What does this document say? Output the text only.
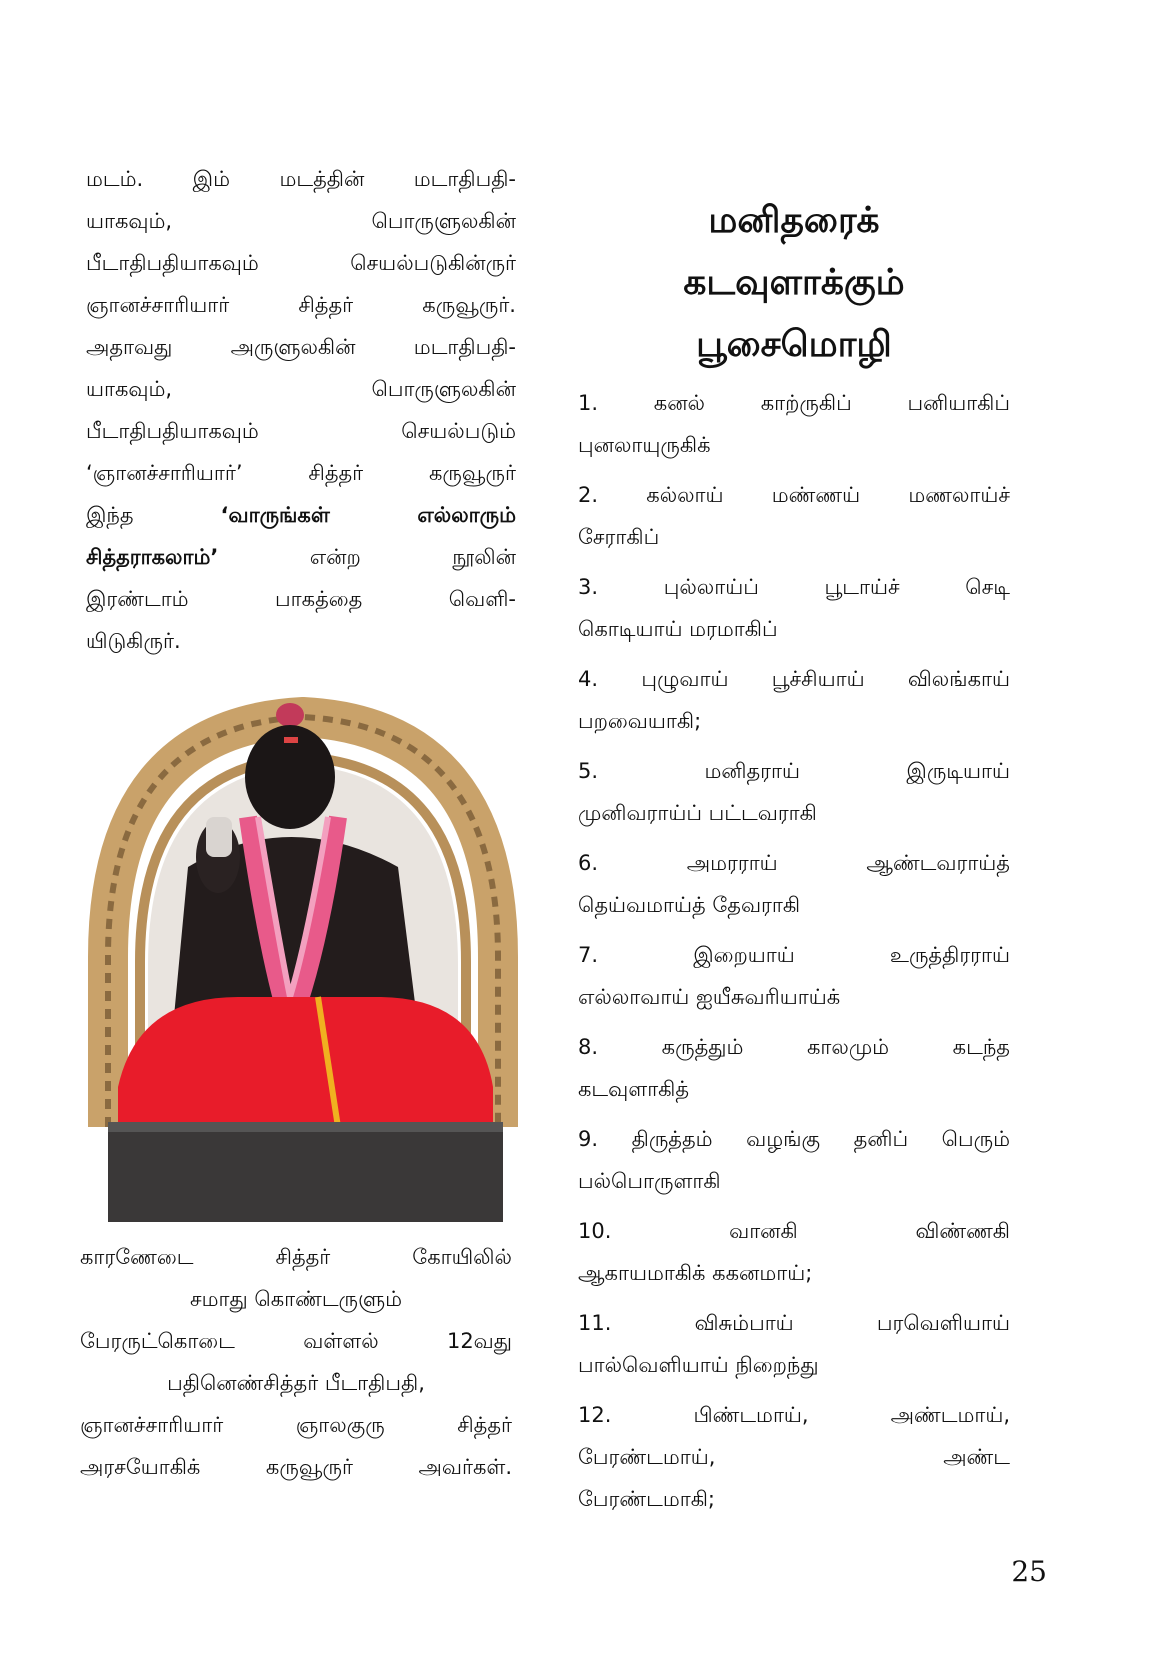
மடம். இம் மடத்தின் மடாதிபதி-

யாகவும், பொருளுலகின்

பீடாதிபதியாகவும் செயல்படுகின்ருர்

ஞானச்சாரியார் சித்தர் கருவூருர்.

அதாவது அருளுலகின் மடாதிபதி-

யாகவும், பொருளுலகின்

பீடாதிபதியாகவும் செயல்படும்

‘ஞானச்சாரியார்’ சித்தர் கருவூருர்

இந்த ‘வாருங்கள் எல்லாரும்

சித்தராகலாம்’ என்ற நூலின்

இரண்டாம் பாகத்தை வெளி-

யிடுகிருர்.

காரணேடை சித்தர் கோயிலில்

சமாது கொண்டருளும்

பேரருட்கொடை வள்ளல் 12வது

பதினெண்சித்தர் பீடாதிபதி,

ஞானச்சாரியார் ஞாலகுரு சித்தர்

அரசயோகிக் கருவூருர் அவர்கள்.

மனிதரைக்
கடவுளாக்கும்
பூசைமொழி
1. கனல் காற்ருகிப் பனியாகிப்
புனலாயுருகிக்
2. கல்லாய் மண்ணய் மணலாய்ச்
சேராகிப்
3. புல்லாய்ப் பூடாய்ச் செடி
கொடியாய் மரமாகிப்
4. புழுவாய் பூச்சியாய் விலங்காய்
பறவையாகி;
5. மனிதராய் இருடியாய்
முனிவராய்ப் பட்டவராகி
6. அமரராய் ஆண்டவராய்த்
தெய்வமாய்த் தேவராகி
7. இறையாய் உருத்திரராய்
எல்லாவாய் ஐயீசுவரியாய்க்
8. கருத்தும் காலமும் கடந்த
கடவுளாகித்
9. திருத்தம் வழங்கு தனிப் பெரும்
பல்பொருளாகி
10. வானகி விண்ணகி
ஆகாயமாகிக் ககனமாய்;
11. விசும்பாய் பரவெளியாய்
பால்வெளியாய் நிறைந்து
12. பிண்டமாய், அண்டமாய்,
பேரண்டமாய், அண்ட
பேரண்டமாகி;
25
